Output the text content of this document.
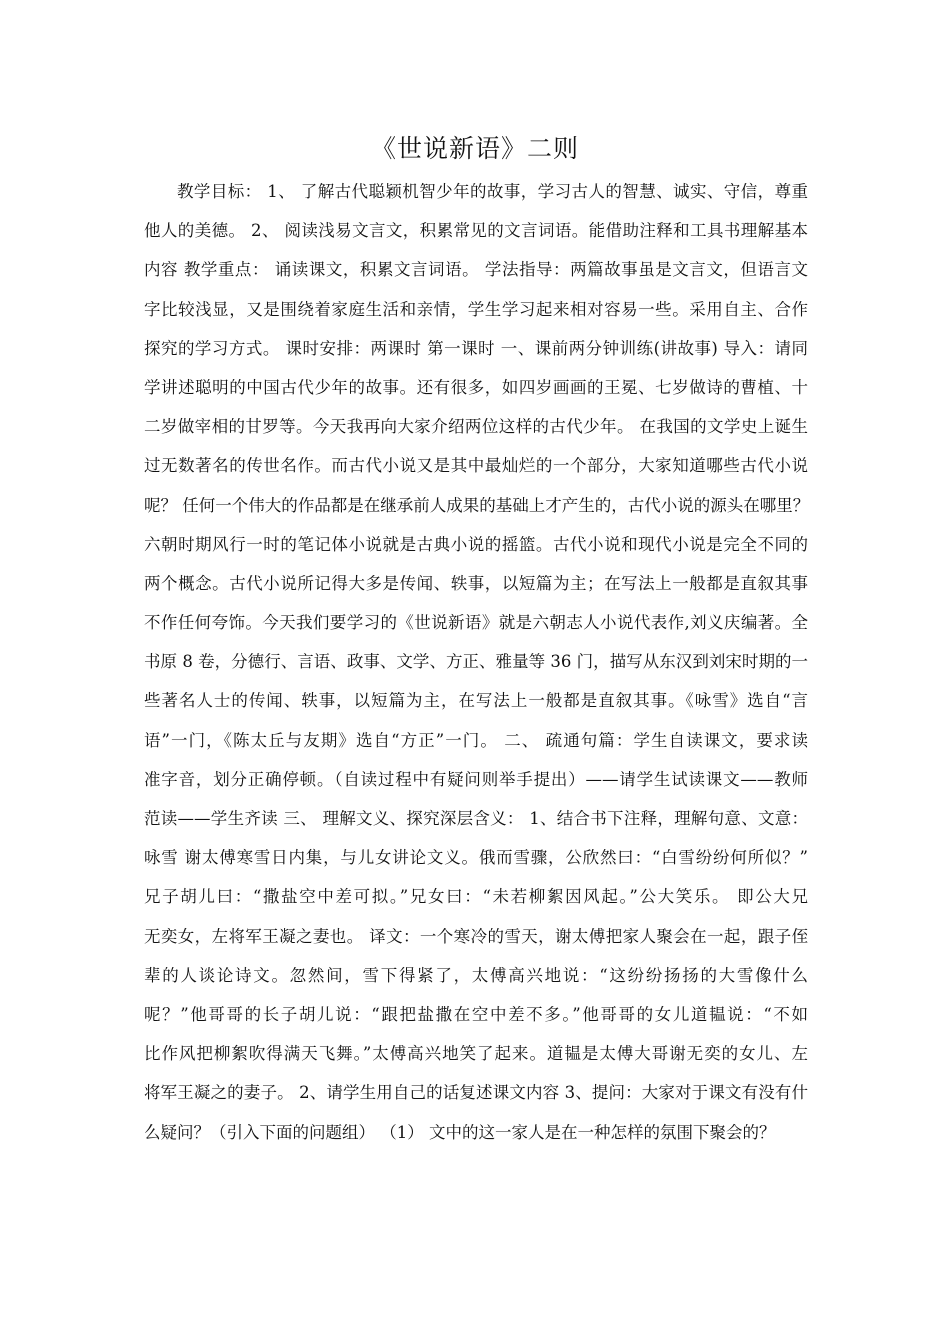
《世说新语》二则

教学目标： 1、 了解古代聪颖机智少年的故事，学习古人的智慧、诚实、守信，尊重

他人的美德。 2、 阅读浅易文言文，积累常见的文言词语。能借助注释和工具书理解基本

内容 教学重点： 诵读课文，积累文言词语。 学法指导：两篇故事虽是文言文，但语言文

字比较浅显，又是围绕着家庭生活和亲情，学生学习起来相对容易一些。采用自主、合作

探究的学习方式。 课时安排：两课时 第一课时 一、课前两分钟训练(讲故事) 导入：请同

学讲述聪明的中国古代少年的故事。还有很多，如四岁画画的王冕、七岁做诗的曹植、十

二岁做宰相的甘罗等。今天我再向大家介绍两位这样的古代少年。 在我国的文学史上诞生

过无数著名的传世名作。而古代小说又是其中最灿烂的一个部分，大家知道哪些古代小说

呢？ 任何一个伟大的作品都是在继承前人成果的基础上才产生的，古代小说的源头在哪里？

六朝时期风行一时的笔记体小说就是古典小说的摇篮。古代小说和现代小说是完全不同的

两个概念。古代小说所记得大多是传闻、轶事，以短篇为主；在写法上一般都是直叙其事

不作任何夸饰。今天我们要学习的《世说新语》就是六朝志人小说代表作,刘义庆编著。全

书原 8 卷，分德行、言语、政事、文学、方正、雅量等 36 门，描写从东汉到刘宋时期的一

些著名人士的传闻、轶事，以短篇为主，在写法上一般都是直叙其事。《咏雪》选自“言

语”一门，《陈太丘与友期》选自“方正”一门。 二、 疏通句篇：学生自读课文，要求读

准字音，划分正确停顿。（自读过程中有疑问则举手提出）——请学生试读课文——教师

范读——学生齐读 三、 理解文义、探究深层含义： 1、结合书下注释，理解句意、文意：

咏雪 谢太傅寒雪日内集，与儿女讲论文义。俄而雪骤，公欣然曰：“白雪纷纷何所似？”

兄子胡儿曰：“撒盐空中差可拟。”兄女曰：“未若柳絮因风起。”公大笑乐。 即公大兄

无奕女，左将军王凝之妻也。 译文：一个寒冷的雪天，谢太傅把家人聚会在一起，跟子侄

辈的人谈论诗文。忽然间，雪下得紧了，太傅高兴地说：“这纷纷扬扬的大雪像什么

呢？”他哥哥的长子胡儿说：“跟把盐撒在空中差不多。”他哥哥的女儿道韫说：“不如

比作风把柳絮吹得满天飞舞。”太傅高兴地笑了起来。道韫是太傅大哥谢无奕的女儿、左

将军王凝之的妻子。 2、请学生用自己的话复述课文内容 3、提问：大家对于课文有没有什

么疑问？（引入下面的问题组） （1） 文中的这一家人是在一种怎样的氛围下聚会的？
